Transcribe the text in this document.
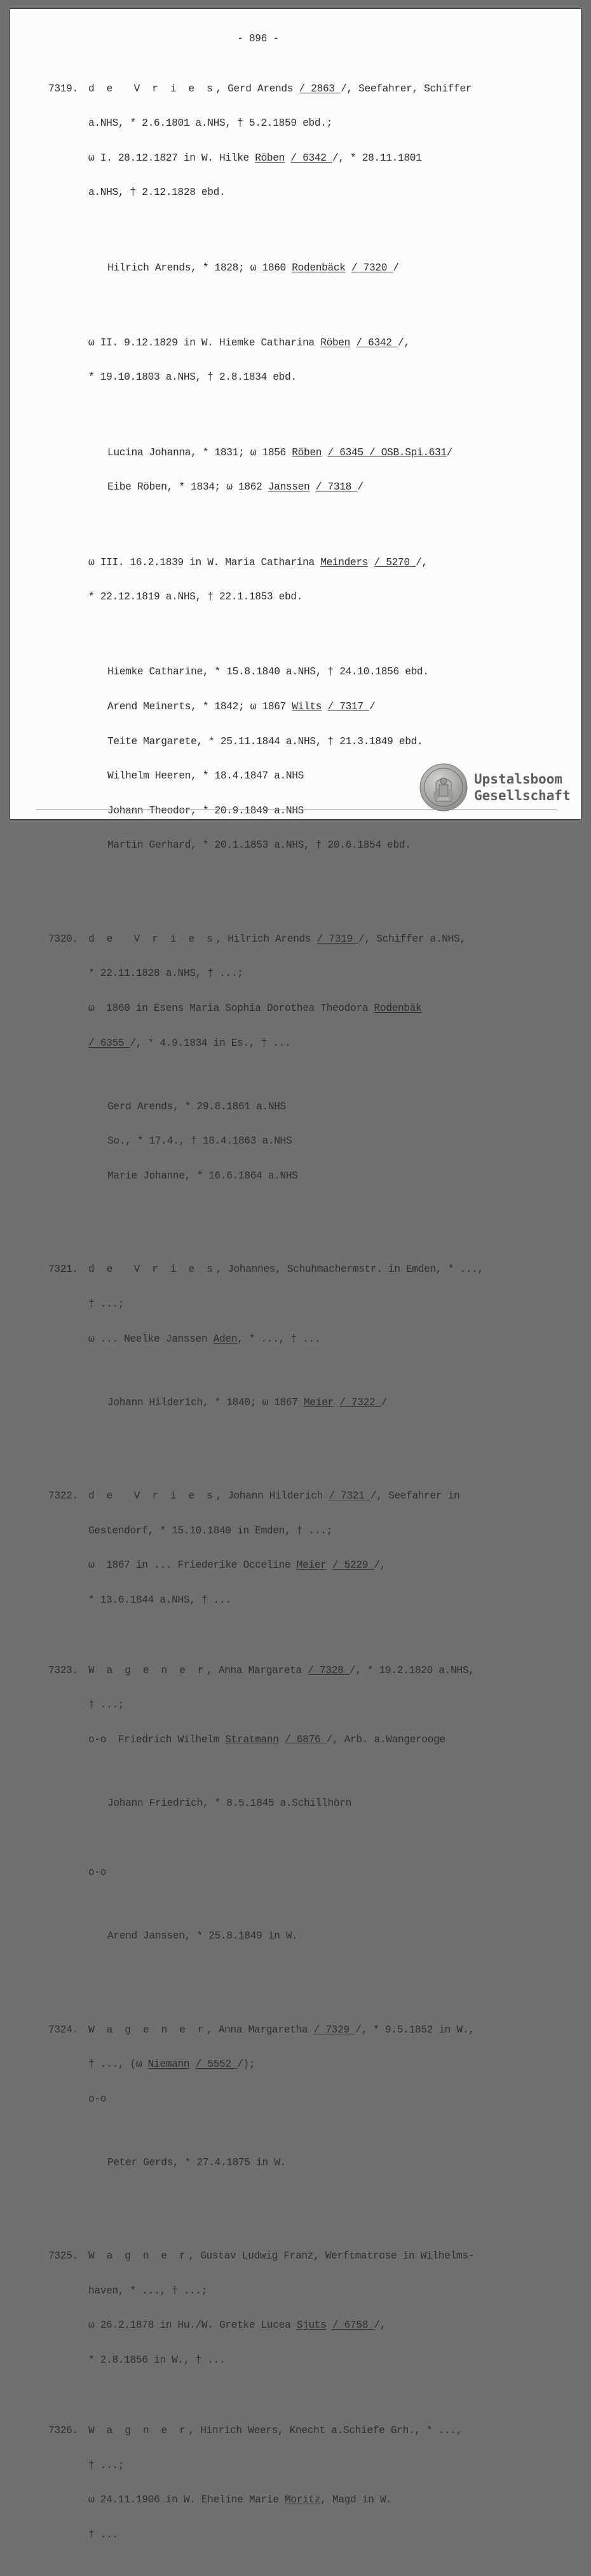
- 896 -

7319. d e  V r i e s, Gerd Arends / 2863 /, Seefahrer, Schiffer

a.NHS, * 2.6.1801 a.NHS, † 5.2.1859 ebd.;

ω I. 28.12.1827 in W. Hilke Röben / 6342 /, * 28.11.1801

a.NHS, † 2.12.1828 ebd.

Hilrich Arends, * 1828; ω 1860 Rodenbäck / 7320 /

ω II. 9.12.1829 in W. Hiemke Catharina Röben / 6342 /,

* 19.10.1803 a.NHS, † 2.8.1834 ebd.

Lucina Johanna, * 1831; ω 1856 Röben / 6345 / OSB.Spi.631/

Eibe Röben, * 1834; ω 1862 Janssen / 7318 /

ω III. 16.2.1839 in W. Maria Catharina Meinders / 5270 /,

* 22.12.1819 a.NHS, † 22.1.1853 ebd.

Hiemke Catharine, * 15.8.1840 a.NHS, † 24.10.1856 ebd.

Arend Meinerts, * 1842; ω 1867 Wilts / 7317 /

Teite Margarete, * 25.11.1844 a.NHS, † 21.3.1849 ebd.

Wilhelm Heeren, * 18.4.1847 a.NHS

Johann Theodor, * 20.9.1849 a.NHS

Martin Gerhard, * 20.1.1853 a.NHS, † 20.6.1854 ebd.

7320. d e  V r i e s, Hilrich Arends / 7319 /, Schiffer a.NHS,

* 22.11.1828 a.NHS, † ...;

ω  1860 in Esens Maria Sophia Dorothea Theodora Rodenbäk

/ 6355 /, * 4.9.1834 in Es., † ...

Gerd Arends, * 29.8.1861 a.NHS

So., * 17.4., † 18.4.1863 a.NHS

Marie Johanne, * 16.6.1864 a.NHS

7321. d e  V r i e s, Johannes, Schuhmachermstr. in Emden, * ...,

† ...;

ω ... Neelke Janssen Aden, * ..., † ...

Johann Hilderich, * 1840; ω 1867 Meier / 7322 /

7322. d e  V r i e s, Johann Hilderich / 7321 /, Seefahrer in

Gestendorf, * 15.10.1840 in Emden, † ...;

ω  1867 in ... Friederike Occeline Meier / 5229 /,

* 13.6.1844 a.NHS, † ...

7323. W a g e n e r, Anna Margareta / 7328 /, * 19.2.1820 a.NHS,

† ...;

o-o  Friedrich Wilhelm Stratmann / 6876 /, Arb. a.Wangerooge

Johann Friedrich, * 8.5.1845 a.Schillhörn

o-o

Arend Janssen, * 25.8.1849 in W.

7324. W a g e n e r, Anna Margaretha / 7329 /, * 9.5.1852 in W.,

† ..., (ω Niemann / 5552 /);

o-o

Peter Gerds, * 27.4.1875 in W.

7325. W a g n e r, Gustav Ludwig Franz, Werftmatrose in Wilhelms-

haven, * ..., † ...;

ω 26.2.1878 in Hu./W. Gretke Lucea Sjuts / 6758 /,

* 2.8.1856 in W., † ...

7326. W a g n e r, Hinrich Weers, Knecht a.Schiefe Grh., * ...,

† ...;

ω 24.11.1906 in W. Eheline Marie Moritz, Magd in W.

† ...

Upstalsboom
Gesellschaft
